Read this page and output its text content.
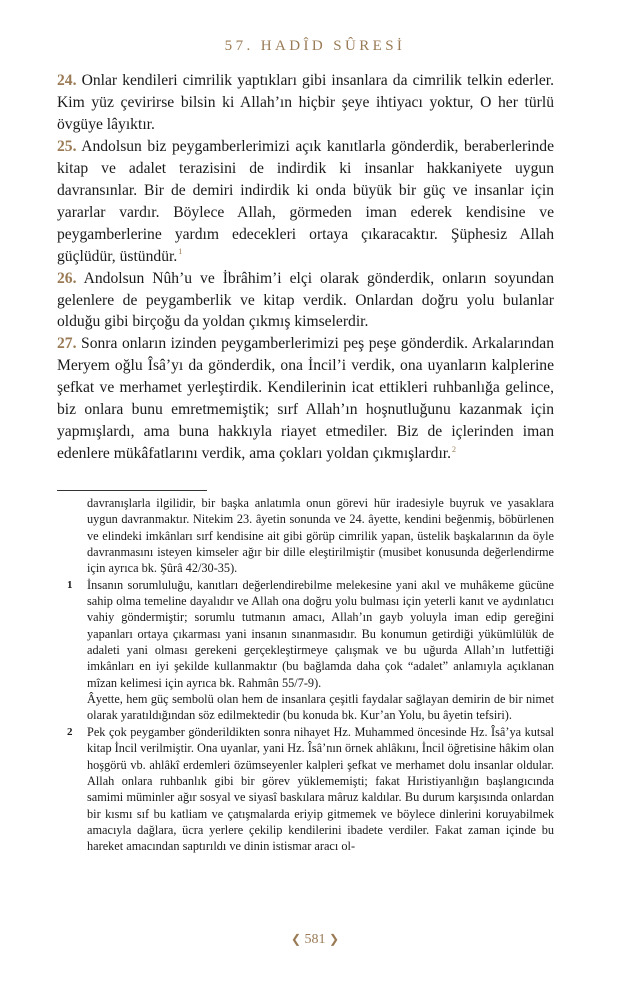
57. HADÎD SÛRESİ

24. Onlar kendileri cimrilik yaptıkları gibi insanlara da cimrilik telkin ederler. Kim yüz çevirirse bilsin ki Allah’ın hiçbir şeye ihtiyacı yoktur, O her türlü övgüye lâyıktır.

25. Andolsun biz peygamberlerimizi açık kanıtlarla gönderdik, beraberlerinde kitap ve adalet terazisini de indirdik ki insanlar hakkaniyete uygun davransınlar. Bir de demiri indirdik ki onda büyük bir güç ve insanlar için yararlar vardır. Böylece Allah, görmeden iman ederek kendisine ve peygamberlerine yardım edecekleri ortaya çıkaracaktır. Şüphesiz Allah güçlüdür, üstündür.$^1$

26. Andolsun Nûh’u ve İbrâhim’i elçi olarak gönderdik, onların soyundan gelenlere de peygamberlik ve kitap verdik. Onlardan doğru yolu bulanlar olduğu gibi birçoğu da yoldan çıkmış kimselerdir.

27. Sonra onların izinden peygamberlerimizi peş peşe gönderdik. Arkalarından Meryem oğlu Îsâ’yı da gönderdik, ona İncil’i verdik, ona uyanların kalplerine şefkat ve merhamet yerleştirdik. Kendilerinin icat ettikleri ruhbanlığa gelince, biz onlara bunu emretmemiştik; sırf Allah’ın hoşnutluğunu kazanmak için yapmışlardı, ama buna hakkıyla riayet etmediler. Biz de içlerinden iman edenlere mükâfatlarını verdik, ama çokları yoldan çıkmışlardır.$^2$

davranışlarla ilgilidir, bir başka anlatımla onun görevi hür iradesiyle buyruk ve yasaklara uygun davranmaktır. Nitekim 23. âyetin sonunda ve 24. âyette, kendini beğenmiş, böbürlenen ve elindeki imkânları sırf kendisine ait gibi görüp cimrilik yapan, üstelik başkalarının da öyle davranmasını isteyen kimseler ağır bir dille eleştirilmiştir (musibet konusunda değerlendirme için ayrıca bk. Şûrâ 42/30-35).

1 İnsanın sorumluluğu, kanıtları değerlendirebilme melekesine yani akıl ve muhâkeme gücüne sahip olma temeline dayalıdır ve Allah ona doğru yolu bulması için yeterli kanıt ve aydınlatıcı vahiy göndermiştir; sorumlu tutmanın amacı, Allah’ın gayb yoluyla iman edip gereğini yapanları ortaya çıkarması yani insanın sınanmasıdır. Bu konumun getirdiği yükümlülük de adaleti yani olması gerekeni gerçekleştirmeye çalışmak ve bu uğurda Allah’ın lutfettiği imkânları en iyi şekilde kullanmaktır (bu bağlamda daha çok “adalet” anlamıyla açıklanan mîzan kelimesi için ayrıca bk. Rahmân 55/7-9).

Âyette, hem güç sembolü olan hem de insanlara çeşitli faydalar sağlayan demirin de bir nimet olarak yaratıldığından söz edilmektedir (bu konuda bk. Kur’an Yolu, bu âyetin tefsiri).

2 Pek çok peygamber gönderildikten sonra nihayet Hz. Muhammed öncesinde Hz. Îsâ’ya kutsal kitap İncil verilmiştir. Ona uyanlar, yani Hz. Îsâ’nın örnek ahlâkını, İncil öğretisine hâkim olan hoşgörü vb. ahlâkî erdemleri özümseyenler kalpleri şefkat ve merhamet dolu insanlar oldular. Allah onlara ruhbanlık gibi bir görev yüklememişti; fakat Hıristiyanlığın başlangıcında samimi müminler ağır sosyal ve siyasî baskılara mâruz kaldılar. Bu durum karşısında onlardan bir kısmı sıf bu katliam ve çatışmalarda eriyip gitmemek ve böylece dinlerini koruyabilmek amacıyla dağlara, ücra yerlere çekilip kendilerini ibadete verdiler. Fakat zaman içinde bu hareket amacından saptırıldı ve dinin istismar aracı ol-

❮ 581 ❯
